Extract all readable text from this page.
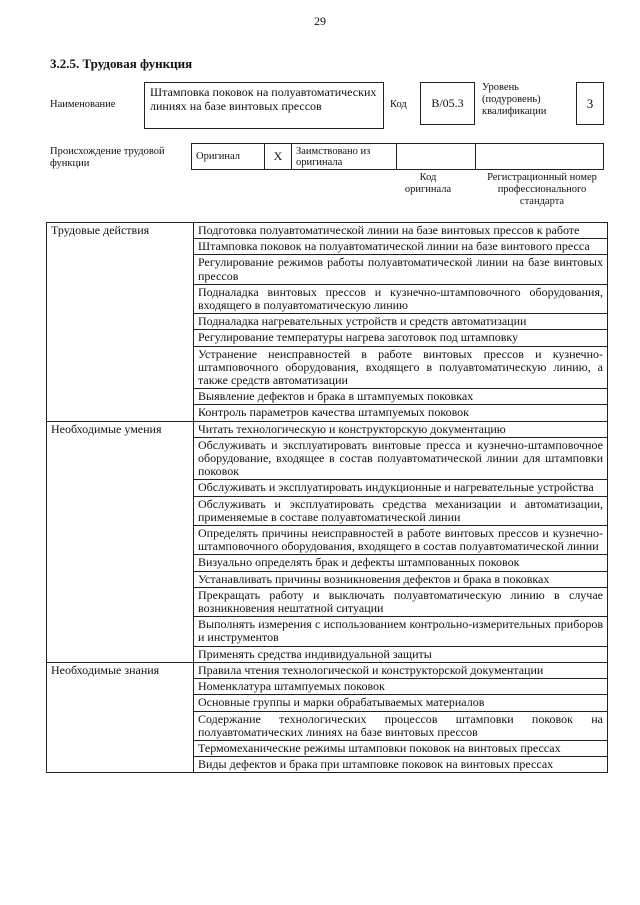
29
3.2.5. Трудовая функция
Наименование
Штамповка поковок на полуавтоматических линиях на базе винтовых прессов	Код	B/05.3
Уровень (подуровень) квалификации
3
Происхождение трудовой функции
Оригинал	X	Заимствовано из оригинала		
Код оригинала
Регистрационный номер профессионального стандарта
Трудовые действия	Подготовка полуавтоматической линии на базе винтовых прессов к работе
	Штамповка поковок на полуавтоматической линии на базе винтового пресса
	Регулирование режимов работы полуавтоматической линии на базе винтовых прессов
	Подналадка винтовых прессов и кузнечно-штамповочного оборудования, входящего в полуавтоматическую линию
	Подналадка нагревательных устройств и средств автоматизации
	Регулирование температуры нагрева заготовок под штамповку
	Устранение неисправностей в работе винтовых прессов и кузнечно-штамповочного оборудования, входящего в полуавтоматическую линию, а также средств автоматизации
	Выявление дефектов и брака в штампуемых поковках
	Контроль параметров качества штампуемых поковок
Необходимые умения	Читать технологическую и конструкторскую документацию
	Обслуживать и эксплуатировать винтовые пресса и кузнечно-штамповочное оборудование, входящее в состав полуавтоматической линии для штамповки поковок
	Обслуживать и эксплуатировать индукционные и нагревательные устройства
	Обслуживать и эксплуатировать средства механизации и автоматизации, применяемые в составе полуавтоматической линии
	Определять причины неисправностей в работе винтовых прессов и кузнечно-штамповочного оборудования, входящего в состав полуавтоматической линии
	Визуально определять брак и дефекты штампованных поковок
	Устанавливать причины возникновения дефектов и брака в поковках
	Прекращать работу и выключать полуавтоматическую линию в случае возникновения нештатной ситуации
	Выполнять измерения с использованием контрольно-измерительных приборов и инструментов
	Применять средства индивидуальной защиты
Необходимые знания	Правила чтения технологической и конструкторской документации
	Номенклатура штампуемых поковок
	Основные группы и марки обрабатываемых материалов
	Содержание технологических процессов штамповки поковок на полуавтоматических линиях на базе винтовых прессов
	Термомеханические режимы штамповки поковок на винтовых прессах
	Виды дефектов и брака при штамповке поковок на винтовых прессах
